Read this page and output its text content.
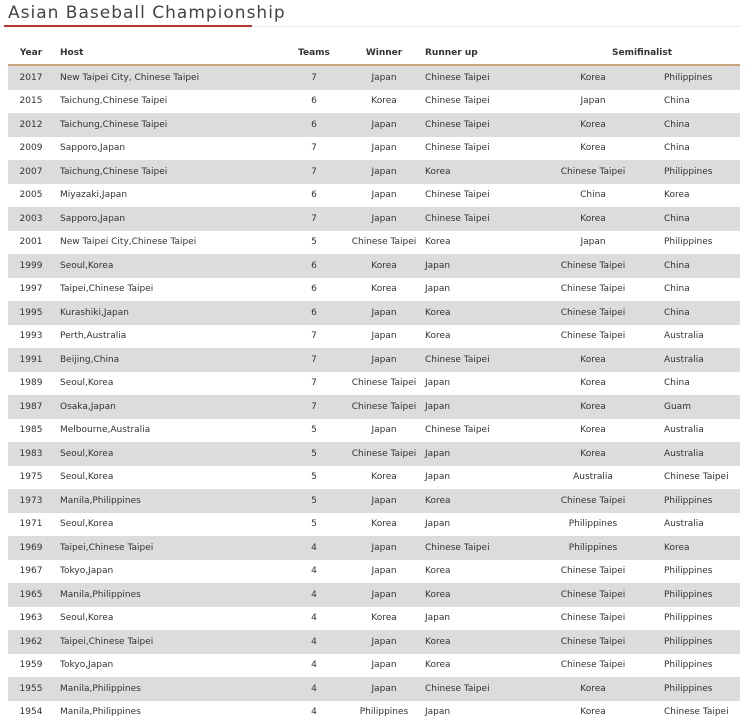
Asian Baseball Championship
Year	Host	Teams	Winner	Runner up	Semifinalist	
2017	New Taipei City, Chinese Taipei	7	Japan	Chinese Taipei	Korea	Philippines
2015	Taichung,Chinese Taipei	6	Korea	Chinese Taipei	Japan	China
2012	Taichung,Chinese Taipei	6	Japan	Chinese Taipei	Korea	China
2009	Sapporo,Japan	7	Japan	Chinese Taipei	Korea	China
2007	Taichung,Chinese Taipei	7	Japan	Korea	Chinese Taipei	Philippines
2005	Miyazaki,Japan	6	Japan	Chinese Taipei	China	Korea
2003	Sapporo,Japan	7	Japan	Chinese Taipei	Korea	China
2001	New Taipei City,Chinese Taipei	5	Chinese Taipei	Korea	Japan	Philippines
1999	Seoul,Korea	6	Korea	Japan	Chinese Taipei	China
1997	Taipei,Chinese Taipei	6	Korea	Japan	Chinese Taipei	China
1995	Kurashiki,Japan	6	Japan	Korea	Chinese Taipei	China
1993	Perth,Australia	7	Japan	Korea	Chinese Taipei	Australia
1991	Beijing,China	7	Japan	Chinese Taipei	Korea	Australia
1989	Seoul,Korea	7	Chinese Taipei	Japan	Korea	China
1987	Osaka,Japan	7	Chinese Taipei	Japan	Korea	Guam
1985	Melbourne,Australia	5	Japan	Chinese Taipei	Korea	Australia
1983	Seoul,Korea	5	Chinese Taipei	Japan	Korea	Australia
1975	Seoul,Korea	5	Korea	Japan	Australia	Chinese Taipei
1973	Manila,Philippines	5	Japan	Korea	Chinese Taipei	Philippines
1971	Seoul,Korea	5	Korea	Japan	Philippines	Australia
1969	Taipei,Chinese Taipei	4	Japan	Chinese Taipei	Philippines	Korea
1967	Tokyo,Japan	4	Japan	Korea	Chinese Taipei	Philippines
1965	Manila,Philippines	4	Japan	Korea	Chinese Taipei	Philippines
1963	Seoul,Korea	4	Korea	Japan	Chinese Taipei	Philippines
1962	Taipei,Chinese Taipei	4	Japan	Korea	Chinese Taipei	Philippines
1959	Tokyo,Japan	4	Japan	Korea	Chinese Taipei	Philippines
1955	Manila,Philippines	4	Japan	Chinese Taipei	Korea	Philippines
1954	Manila,Philippines	4	Philippines	Japan	Korea	Chinese Taipei
